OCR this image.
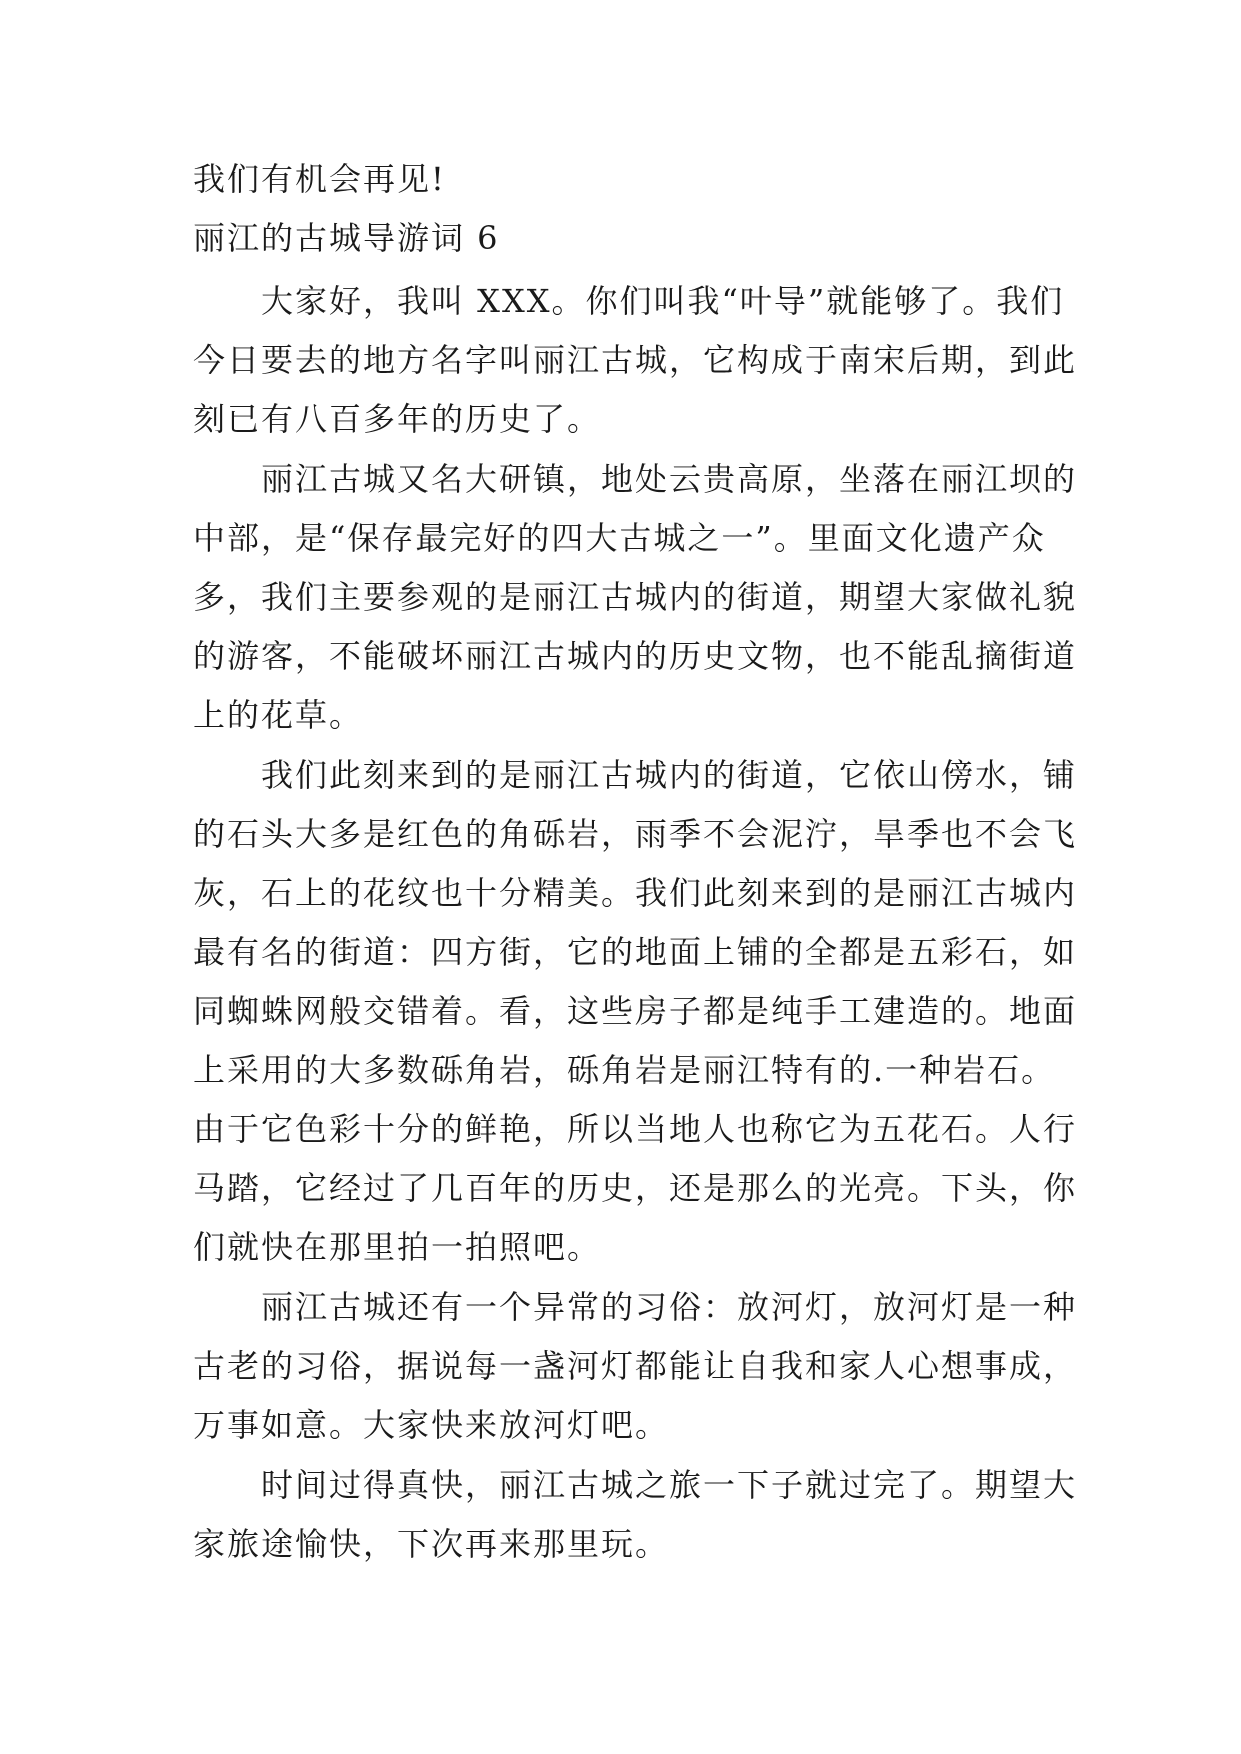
我们有机会再见!
丽江的古城导游词 6
大家好，我叫 XXX。你们叫我“叶导”就能够了。我们
今日要去的地方名字叫丽江古城，它构成于南宋后期，到此
刻已有八百多年的历史了。
丽江古城又名大研镇，地处云贵高原，坐落在丽江坝的
中部，是“保存最完好的四大古城之一”。里面文化遗产众
多，我们主要参观的是丽江古城内的街道，期望大家做礼貌
的游客，不能破坏丽江古城内的历史文物，也不能乱摘街道
上的花草。
我们此刻来到的是丽江古城内的街道，它依山傍水，铺
的石头大多是红色的角砾岩，雨季不会泥泞，旱季也不会飞
灰，石上的花纹也十分精美。我们此刻来到的是丽江古城内
最有名的街道：四方街，它的地面上铺的全都是五彩石，如
同蜘蛛网般交错着。看，这些房子都是纯手工建造的。地面
上采用的大多数砾角岩，砾角岩是丽江特有的.一种岩石。
由于它色彩十分的鲜艳，所以当地人也称它为五花石。人行
马踏，它经过了几百年的历史，还是那么的光亮。下头，你
们就快在那里拍一拍照吧。
丽江古城还有一个异常的习俗：放河灯，放河灯是一种
古老的习俗，据说每一盏河灯都能让自我和家人心想事成，
万事如意。大家快来放河灯吧。
时间过得真快，丽江古城之旅一下子就过完了。期望大
家旅途愉快，下次再来那里玩。
